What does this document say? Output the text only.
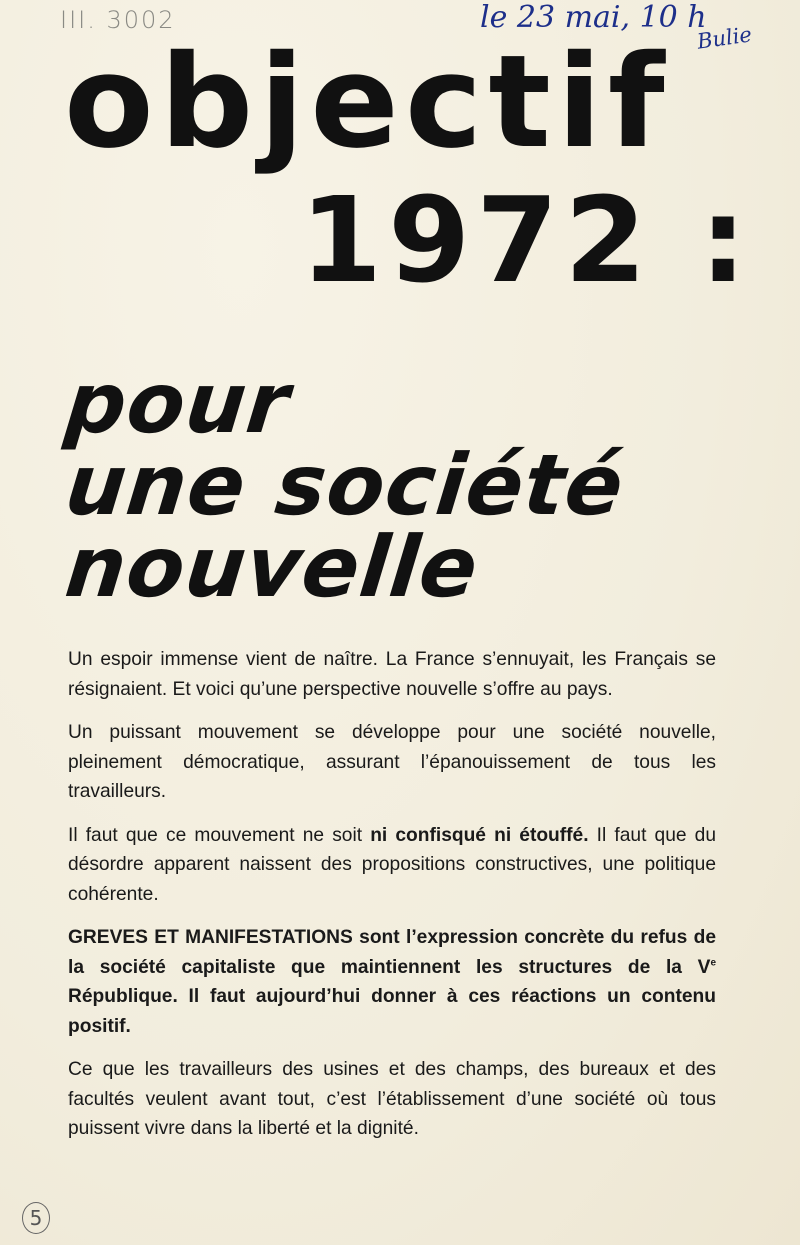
III. 3002	le 23 mai, 10 h
Bulie
objectif
1972 :
pour
une société
nouvelle

Un espoir immense vient de naître. La France s’ennuyait, les Français se résignaient. Et voici qu’une perspective nouvelle s’offre au pays.

Un puissant mouvement se développe pour une société nouvelle, pleinement démocratique, assurant l’épanouissement de tous les travailleurs.

Il faut que ce mouvement ne soit ni confisqué ni étouffé. Il faut que du désordre apparent naissent des propositions constructives, une politique cohérente.

GREVES ET MANIFESTATIONS sont l’expression concrète du refus de la société capitaliste que maintiennent les structures de la Ve République. Il faut aujourd’hui donner à ces réactions un contenu positif.

Ce que les travailleurs des usines et des champs, des bureaux et des facultés veulent avant tout, c’est l’établissement d’une société où tous puissent vivre dans la liberté et la dignité.

5
